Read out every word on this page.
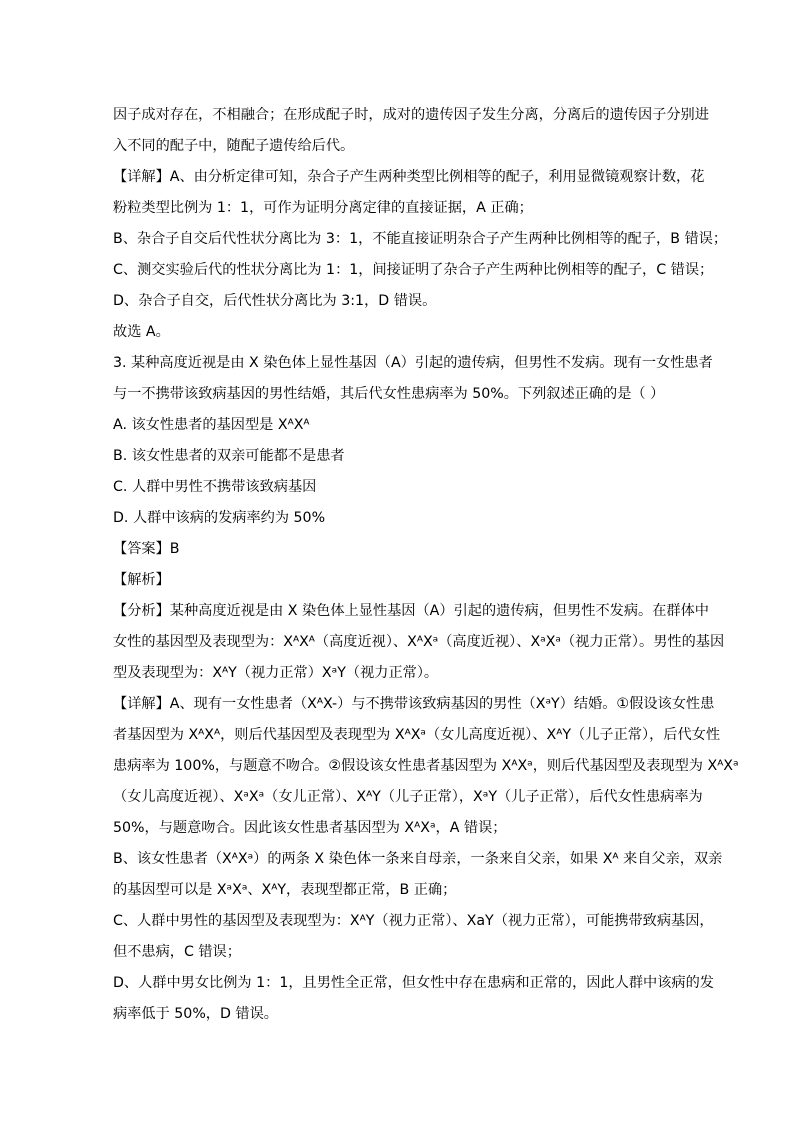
因子成对存在，不相融合；在形成配子时，成对的遗传因子发生分离，分离后的遗传因子分别进
入不同的配子中，随配子遗传给后代。
【详解】A、由分析定律可知，杂合子产生两种类型比例相等的配子，利用显微镜观察计数，花
粉粒类型比例为 1：1，可作为证明分离定律的直接证据，A 正确；
B、杂合子自交后代性状分离比为 3：1，不能直接证明杂合子产生两种比例相等的配子，B 错误；
C、测交实验后代的性状分离比为 1：1，间接证明了杂合子产生两种比例相等的配子，C 错误；
D、杂合子自交，后代性状分离比为 3:1，D 错误。
故选 A。
3. 某种高度近视是由 X 染色体上显性基因（A）引起的遗传病，但男性不发病。现有一女性患者
与一不携带该致病基因的男性结婚，其后代女性患病率为 50%。下列叙述正确的是（ ）
A. 该女性患者的基因型是 XᴬXᴬ
B. 该女性患者的双亲可能都不是患者
C. 人群中男性不携带该致病基因
D. 人群中该病的发病率约为 50%
【答案】B
【解析】
【分析】某种高度近视是由 X 染色体上显性基因（A）引起的遗传病，但男性不发病。在群体中
女性的基因型及表现型为：XᴬXᴬ（高度近视）、XᴬXᵃ（高度近视）、XᵃXᵃ（视力正常）。男性的基因
型及表现型为：XᴬY（视力正常）XᵃY（视力正常）。
【详解】A、现有一女性患者（XᴬX-）与不携带该致病基因的男性（XᵃY）结婚。①假设该女性患
者基因型为 XᴬXᴬ，则后代基因型及表现型为 XᴬXᵃ（女儿高度近视）、XᴬY（儿子正常），后代女性
患病率为 100%，与题意不吻合。②假设该女性患者基因型为 XᴬXᵃ，则后代基因型及表现型为 XᴬXᵃ
（女儿高度近视）、XᵃXᵃ（女儿正常）、XᴬY（儿子正常），XᵃY（儿子正常），后代女性患病率为
50%，与题意吻合。因此该女性患者基因型为 XᴬXᵃ，A 错误；
B、该女性患者（XᴬXᵃ）的两条 X 染色体一条来自母亲，一条来自父亲，如果 Xᴬ 来自父亲，双亲
的基因型可以是 XᵃXᵃ、XᴬY，表现型都正常，B 正确；
C、人群中男性的基因型及表现型为：XᴬY（视力正常）、XaY（视力正常），可能携带致病基因，
但不患病，C 错误；
D、人群中男女比例为 1：1，且男性全正常，但女性中存在患病和正常的，因此人群中该病的发
病率低于 50%，D 错误。
